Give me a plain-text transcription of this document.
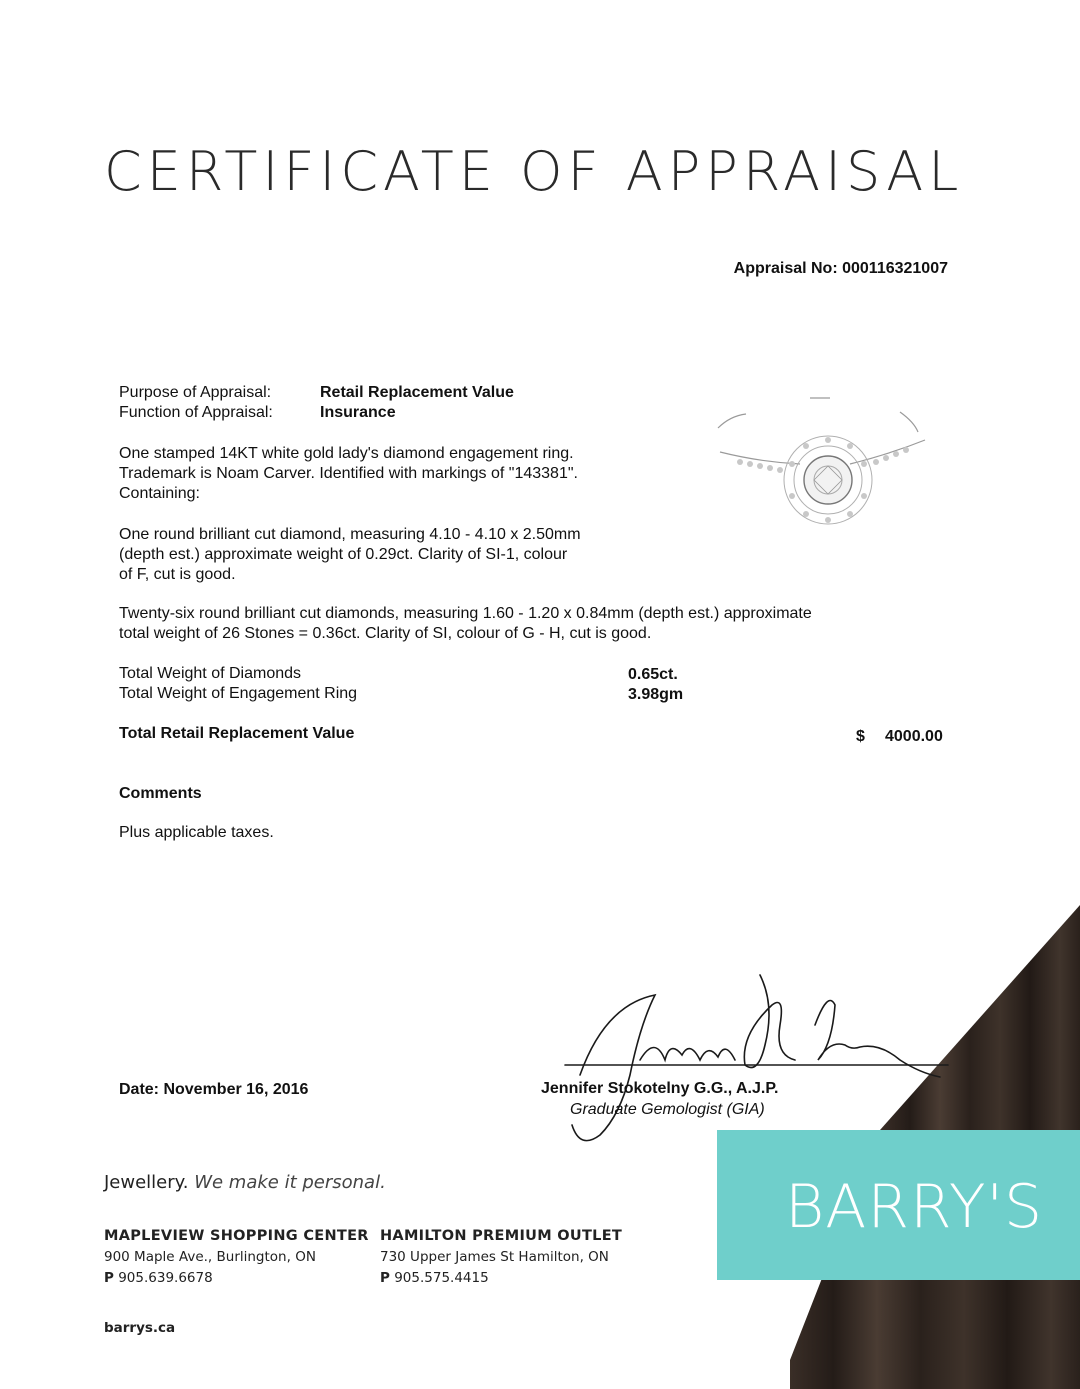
CERTIFICATE OF APPRAISAL
Appraisal No: 000116321007
Purpose of Appraisal:	Retail Replacement Value
Function of Appraisal:	Insurance
One stamped 14KT white gold lady's diamond engagement ring.
Trademark is Noam Carver. Identified with markings of "143381".
Containing:
One round brilliant cut diamond, measuring 4.10 - 4.10 x 2.50mm
(depth est.) approximate weight of 0.29ct. Clarity of SI-1, colour
of F, cut is good.
Twenty-six round brilliant cut diamonds, measuring 1.60 - 1.20 x 0.84mm (depth est.) approximate
total weight of 26 Stones = 0.36ct. Clarity of SI, colour of G - H, cut is good.
Total Weight of Diamonds	0.65ct.
Total Weight of Engagement Ring	3.98gm
Total Retail Replacement Value	$ 4000.00
Comments
Plus applicable taxes.
BARRY'S
Jennifer Stokotelny G.G., A.J.P.
Graduate Gemologist (GIA)
Date: November 16, 2016
Jewellery. We make it personal.
MAPLEVIEW SHOPPING CENTER
900 Maple Ave., Burlington, ON
P 905.639.6678
HAMILTON PREMIUM OUTLET
730 Upper James St Hamilton, ON
P 905.575.4415
barrys.ca
